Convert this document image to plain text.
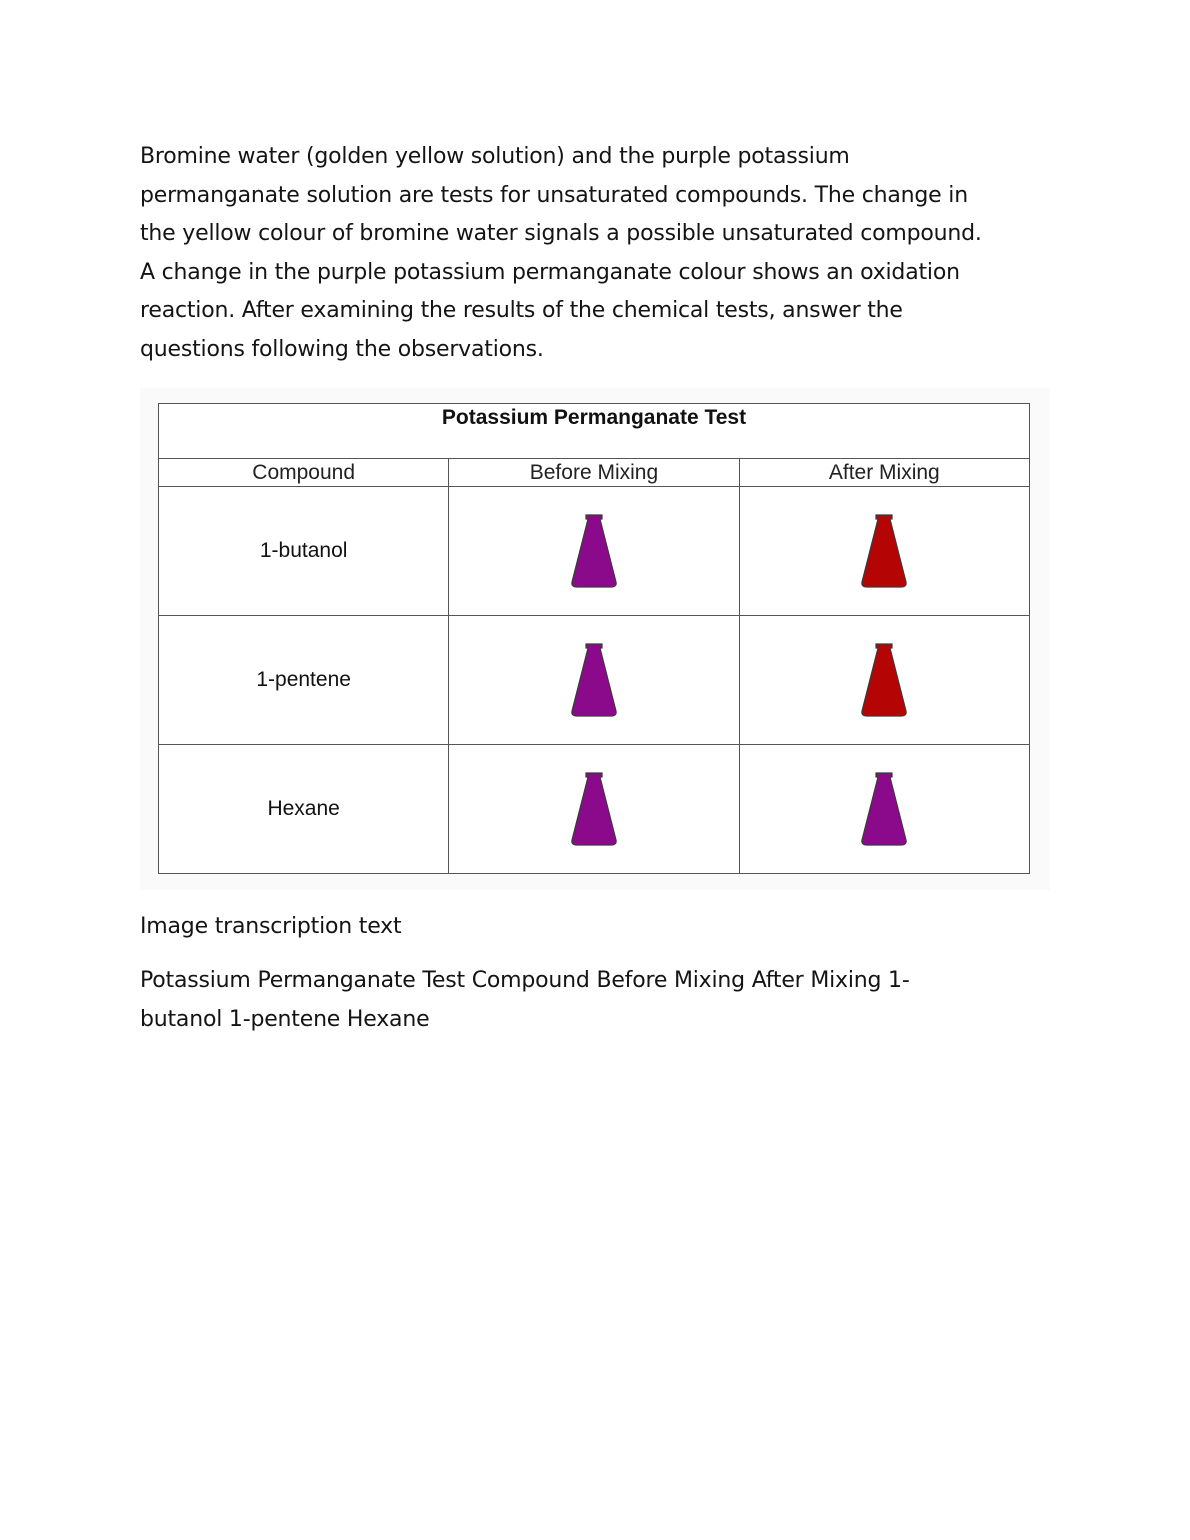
Bromine water (golden yellow solution) and the purple potassium
permanganate solution are tests for unsaturated compounds. The change in
the yellow colour of bromine water signals a possible unsaturated compound.
A change in the purple potassium permanganate colour shows an oxidation
reaction. After examining the results of the chemical tests, answer the
questions following the observations.

Potassium Permanganate Test		
Compound	Before Mixing	After Mixing
1-butanol	

1-pentene	

Hexane	

Image transcription text

Potassium Permanganate Test Compound Before Mixing After Mixing 1-
butanol 1-pentene Hexane
